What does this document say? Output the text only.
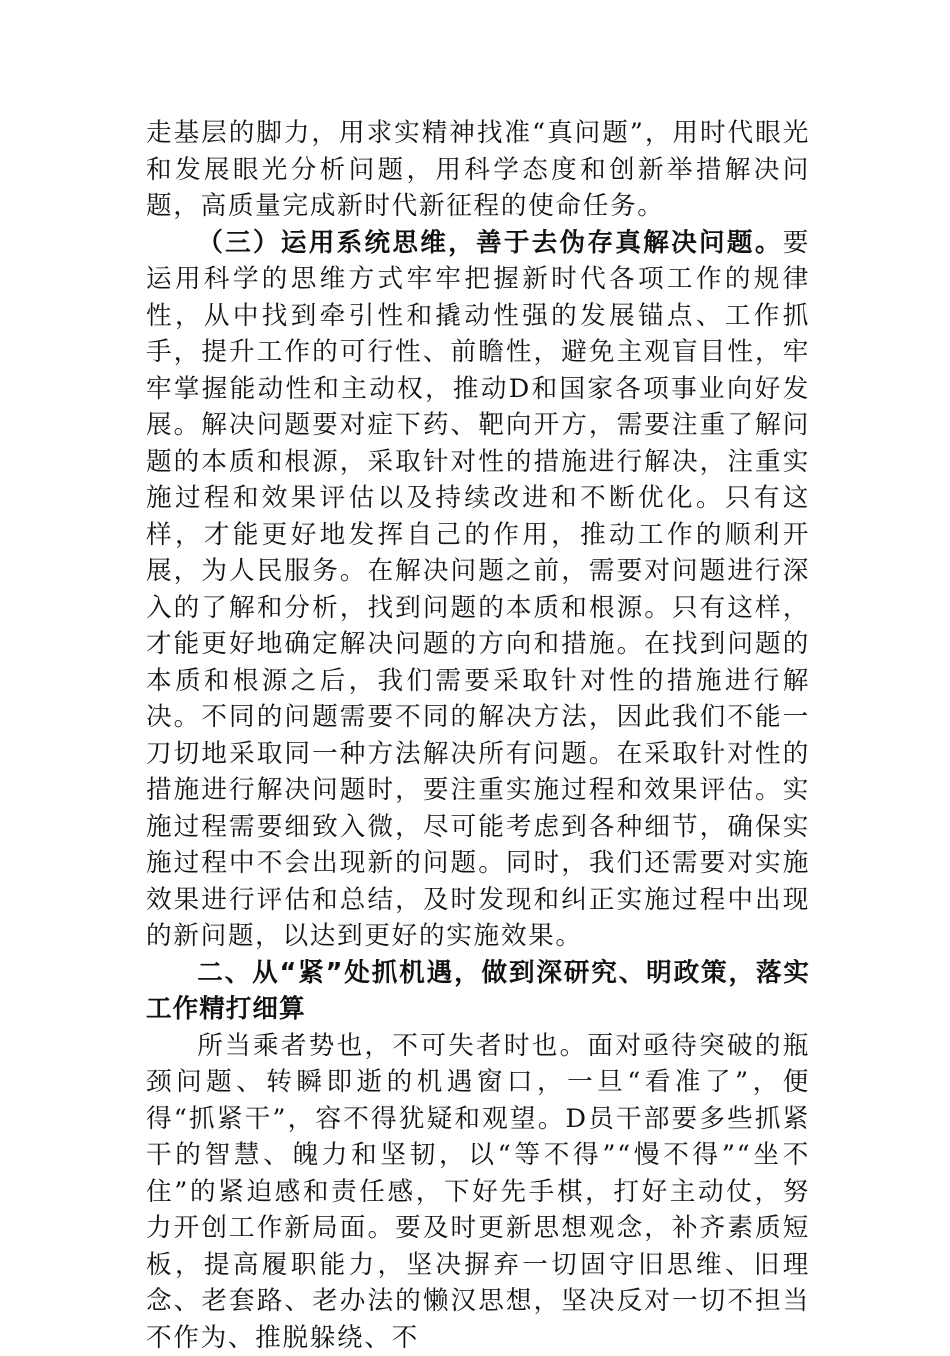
走基层的脚力，用求实精神找准“真问题”，用时代眼光和发展眼光分析问题，用科学态度和创新举措解决问题，高质量完成新时代新征程的使命任务。

（三）运用系统思维，善于去伪存真解决问题。要运用科学的思维方式牢牢把握新时代各项工作的规律性，从中找到牵引性和撬动性强的发展锚点、工作抓手，提升工作的可行性、前瞻性，避免主观盲目性，牢牢掌握能动性和主动权，推动D和国家各项事业向好发展。解决问题要对症下药、靶向开方，需要注重了解问题的本质和根源，采取针对性的措施进行解决，注重实施过程和效果评估以及持续改进和不断优化。只有这样，才能更好地发挥自己的作用，推动工作的顺利开展，为人民服务。在解决问题之前，需要对问题进行深入的了解和分析，找到问题的本质和根源。只有这样，才能更好地确定解决问题的方向和措施。在找到问题的本质和根源之后，我们需要采取针对性的措施进行解决。不同的问题需要不同的解决方法，因此我们不能一刀切地采取同一种方法解决所有问题。在采取针对性的措施进行解决问题时，要注重实施过程和效果评估。实施过程需要细致入微，尽可能考虑到各种细节，确保实施过程中不会出现新的问题。同时，我们还需要对实施效果进行评估和总结，及时发现和纠正实施过程中出现的新问题，以达到更好的实施效果。

二、从“紧”处抓机遇，做到深研究、明政策，落实工作精打细算

所当乘者势也，不可失者时也。面对亟待突破的瓶颈问题、转瞬即逝的机遇窗口，一旦“看准了”，便得“抓紧干”，容不得犹疑和观望。D员干部要多些抓紧干的智慧、魄力和坚韧，以“等不得”“慢不得”“坐不住”的紧迫感和责任感，下好先手棋，打好主动仗，努力开创工作新局面。要及时更新思想观念，补齐素质短板，提高履职能力，坚决摒弃一切固守旧思维、旧理念、老套路、老办法的懒汉思想，坚决反对一切不担当不作为、推脱躲绕、不
